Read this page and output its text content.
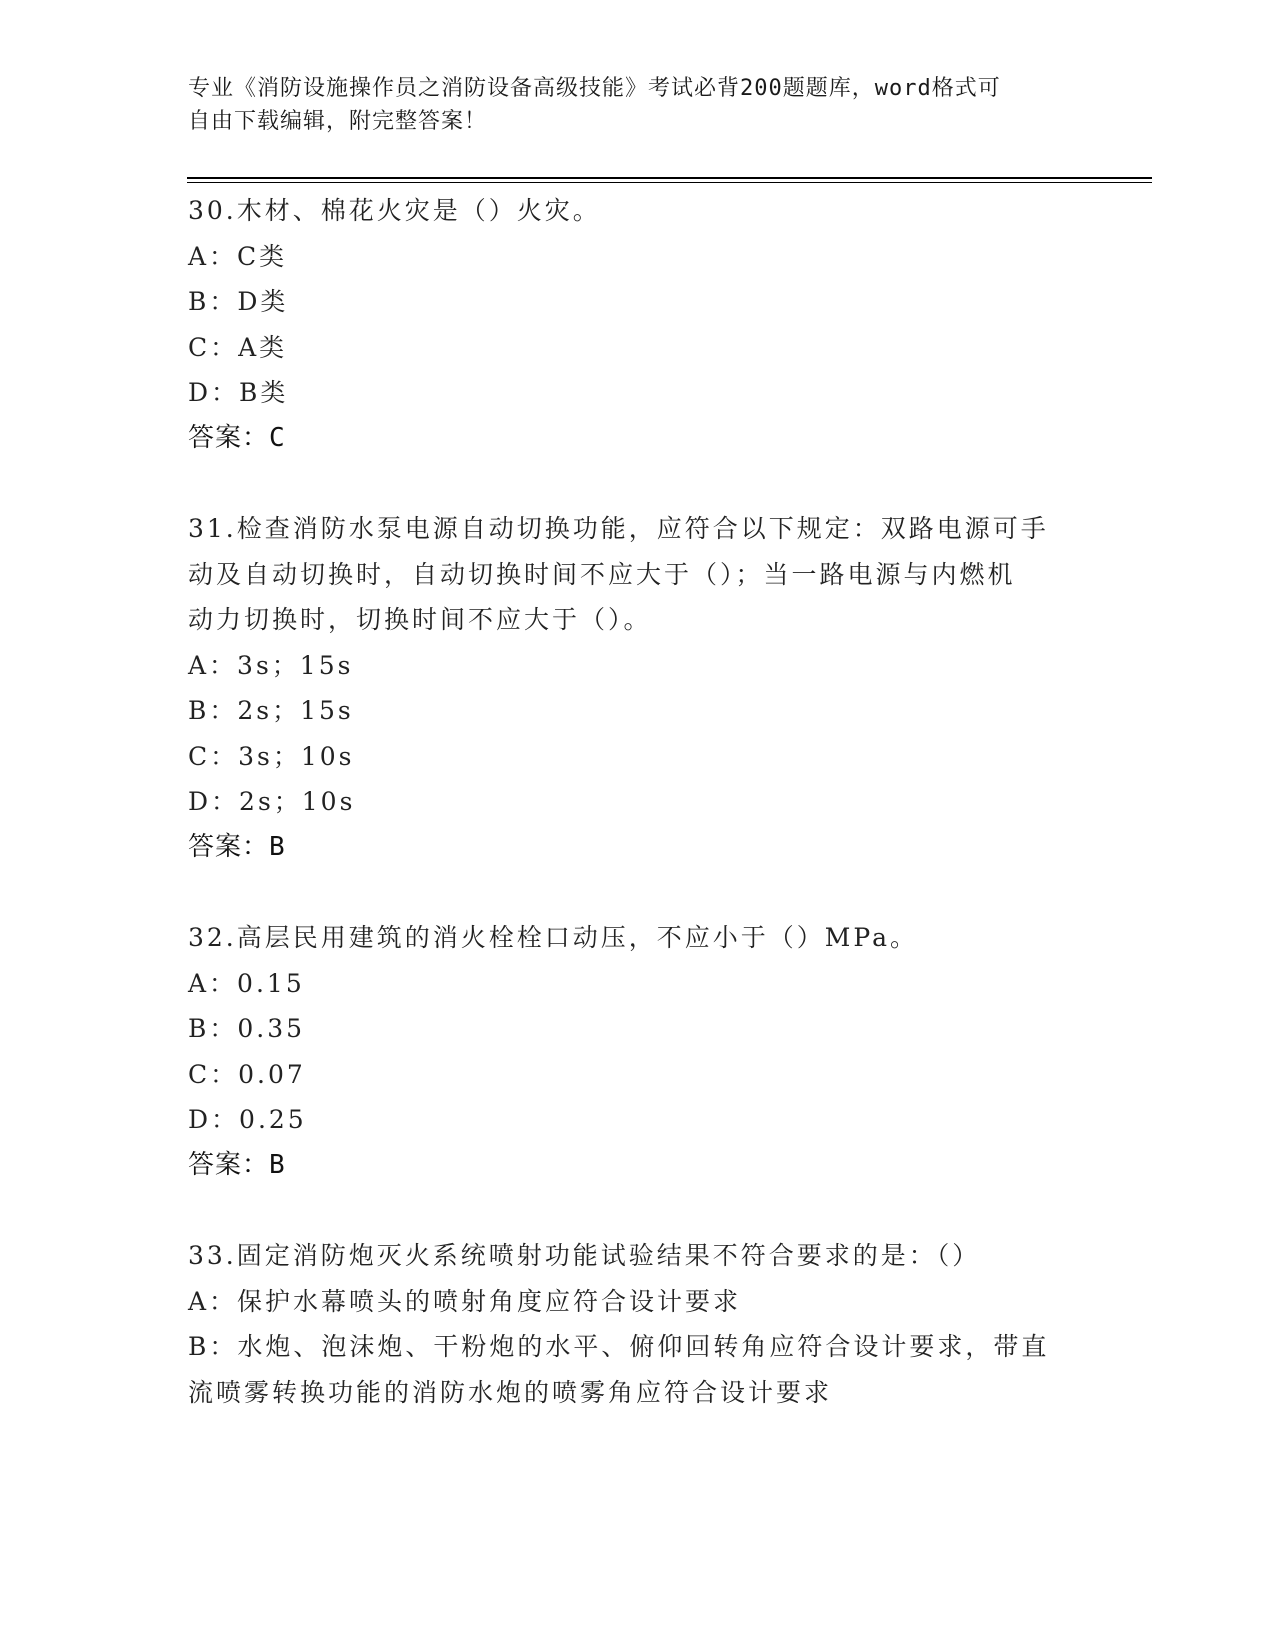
专业《消防设施操作员之消防设备高级技能》考试必背200题题库，word格式可
自由下载编辑，附完整答案！
30.木材、棉花火灾是（）火灾。
A：C类
B：D类
C：A类
D：B类
答案：C
31.检查消防水泵电源自动切换功能，应符合以下规定：双路电源可手
动及自动切换时，自动切换时间不应大于（）；当一路电源与内燃机
动力切换时，切换时间不应大于（）。
A：3s；15s
B：2s；15s
C：3s；10s
D：2s；10s
答案：B
32.高层民用建筑的消火栓栓口动压，不应小于（）MPa。
A：0.15
B：0.35
C：0.07
D：0.25
答案：B
33.固定消防炮灭火系统喷射功能试验结果不符合要求的是：（）
A：保护水幕喷头的喷射角度应符合设计要求
B：水炮、泡沫炮、干粉炮的水平、俯仰回转角应符合设计要求，带直
流喷雾转换功能的消防水炮的喷雾角应符合设计要求
